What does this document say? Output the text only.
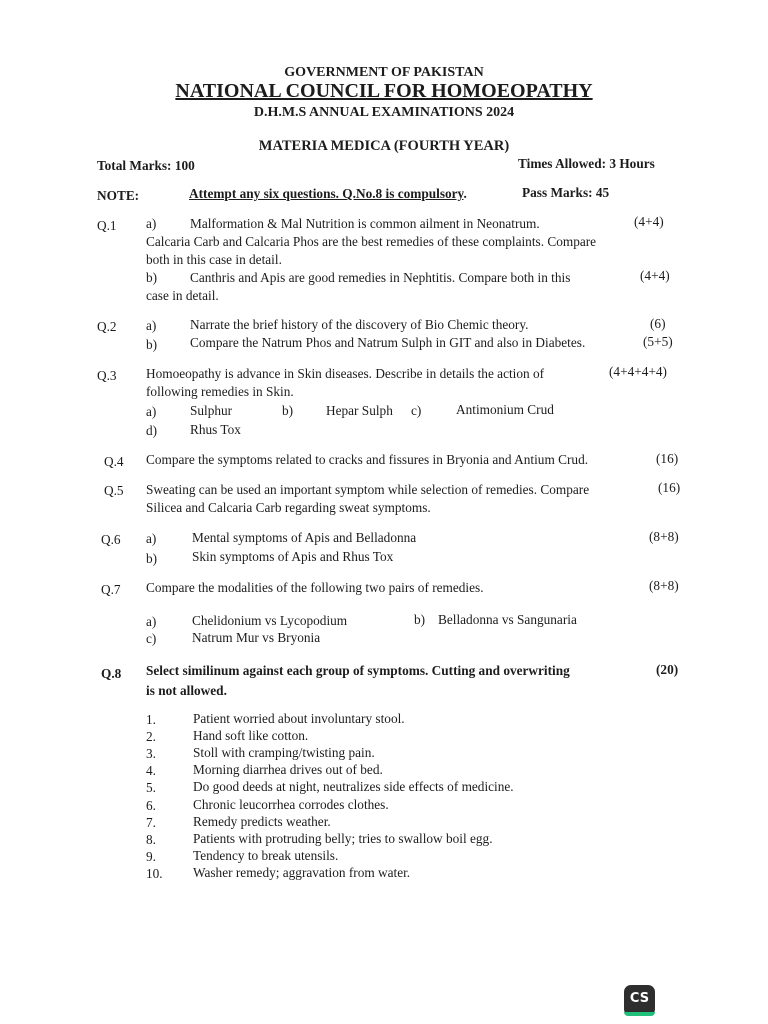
GOVERNMENT OF PAKISTAN
NATIONAL COUNCIL FOR HOMOEOPATHY
D.H.M.S ANNUAL EXAMINATIONS 2024
MATERIA MEDICA (FOURTH YEAR)
Total Marks: 100	Times Allowed: 3 Hours
NOTE:	Attempt any six questions. Q.No.8 is compulsory.	Pass Marks: 45
Q.1 a)	Malformation & Mal Nutrition is common ailment in Neonatrum.	(4+4)
Calcaria Carb and Calcaria Phos are the best remedies of these complaints. Compare
both in this case in detail.
b) Canthris and Apis are good remedies in Nephtitis. Compare both in this	(4+4)
case in detail.
Q.2 a)	Narrate the brief history of the discovery of Bio Chemic theory.	(6)
b) Compare the Natrum Phos and Natrum Sulph in GIT and also in Diabetes.	(5+5)
Q.3 Homoeopathy is advance in Skin diseases. Describe in details the action of	(4+4+4+4)
following remedies in Skin.
a)	Sulphur	b) Hepar Sulph c)	Antimonium Crud
d) Rhus Tox
Q.4 Compare the symptoms related to cracks and fissures in Bryonia and Antium Crud.	(16)
Q.5 Sweating can be used an important symptom while selection of remedies. Compare	(16)
Silicea and Calcaria Carb regarding sweat symptoms.
Q.6 a)	Mental symptoms of Apis and Belladonna	(8+8)
b)	Skin symptoms of Apis and Rhus Tox
Q.7 Compare the modalities of the following two pairs of remedies.	(8+8)
a)	Chelidonium vs Lycopodium	b) Belladonna vs Sangunaria
c)	Natrum Mur vs Bryonia
Q.8 Select similinum against each group of symptoms. Cutting and overwriting	(20)
is not allowed.
1.	Patient worried about involuntary stool.
2.	Hand soft like cotton.
3.	Stoll with cramping/twisting pain.
4.	Morning diarrhea drives out of bed.
5.	Do good deeds at night, neutralizes side effects of medicine.
6.	Chronic leucorrhea corrodes clothes.
7.	Remedy predicts weather.
8.	Patients with protruding belly; tries to swallow boil egg.
9.	Tendency to break utensils.
10. Washer remedy; aggravation from water.
CS
